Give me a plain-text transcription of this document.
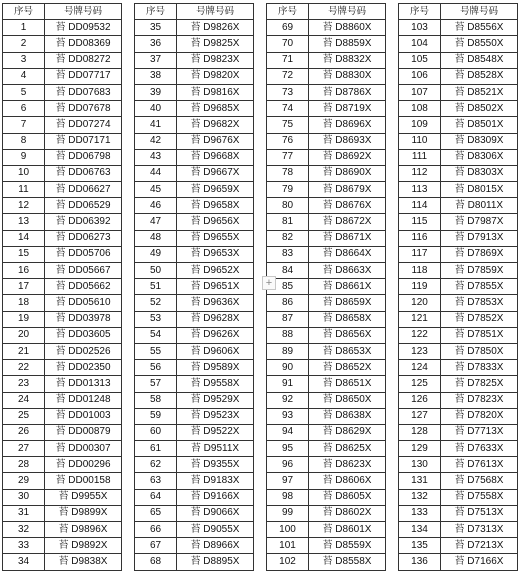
序号	号牌号码
1	苔 DD09532
2	苔 DD08369
3	苔 DD08272
4	苔 DD07717
5	苔 DD07683
6	苔 DD07678
7	苔 DD07274
8	苔 DD07171
9	苔 DD06798
10	苔 DD06763
11	苔 DD06627
12	苔 DD06529
13	苔 DD06392
14	苔 DD06273
15	苔 DD05706
16	苔 DD05667
17	苔 DD05662
18	苔 DD05610
19	苔 DD03978
20	苔 DD03605
21	苔 DD02526
22	苔 DD02350
23	苔 DD01313
24	苔 DD01248
25	苔 DD01003
26	苔 DD00879
27	苔 DD00307
28	苔 DD00296
29	苔 DD00158
30	苔 D9955X
31	苔 D9899X
32	苔 D9896X
33	苔 D9892X
34	苔 D9838X
序号	号牌号码
35	苔 D9826X
36	苔 D9825X
37	苔 D9823X
38	苔 D9820X
39	苔 D9816X
40	苔 D9685X
41	苔 D9682X
42	苔 D9676X
43	苔 D9668X
44	苔 D9667X
45	苔 D9659X
46	苔 D9658X
47	苔 D9656X
48	苔 D9655X
49	苔 D9653X
50	苔 D9652X
51	苔 D9651X
52	苔 D9636X
53	苔 D9628X
54	苔 D9626X
55	苔 D9606X
56	苔 D9589X
57	苔 D9558X
58	苔 D9529X
59	苔 D9523X
60	苔 D9522X
61	苔 D9511X
62	苔 D9355X
63	苔 D9183X
64	苔 D9166X
65	苔 D9066X
66	苔 D9055X
67	苔 D8966X
68	苔 D8895X
序号	号牌号码
69	苔 D8860X
70	苔 D8859X
71	苔 D8832X
72	苔 D8830X
73	苔 D8786X
74	苔 D8719X
75	苔 D8696X
76	苔 D8693X
77	苔 D8692X
78	苔 D8690X
79	苔 D8679X
80	苔 D8676X
81	苔 D8672X
82	苔 D8671X
83	苔 D8664X
84	苔 D8663X
85	苔 D8661X
86	苔 D8659X
87	苔 D8658X
88	苔 D8656X
89	苔 D8653X
90	苔 D8652X
91	苔 D8651X
92	苔 D8650X
93	苔 D8638X
94	苔 D8629X
95	苔 D8625X
96	苔 D8623X
97	苔 D8606X
98	苔 D8605X
99	苔 D8602X
100	苔 D8601X
101	苔 D8559X
102	苔 D8558X
序号	号牌号码
103	苔 D8556X
104	苔 D8550X
105	苔 D8548X
106	苔 D8528X
107	苔 D8521X
108	苔 D8502X
109	苔 D8501X
110	苔 D8309X
111	苔 D8306X
112	苔 D8303X
113	苔 D8015X
114	苔 D8011X
115	苔 D7987X
116	苔 D7913X
117	苔 D7869X
118	苔 D7859X
119	苔 D7855X
120	苔 D7853X
121	苔 D7852X
122	苔 D7851X
123	苔 D7850X
124	苔 D7833X
125	苔 D7825X
126	苔 D7823X
127	苔 D7820X
128	苔 D7713X
129	苔 D7633X
130	苔 D7613X
131	苔 D7568X
132	苔 D7558X
133	苔 D7513X
134	苔 D7313X
135	苔 D7213X
136	苔 D7166X
+
